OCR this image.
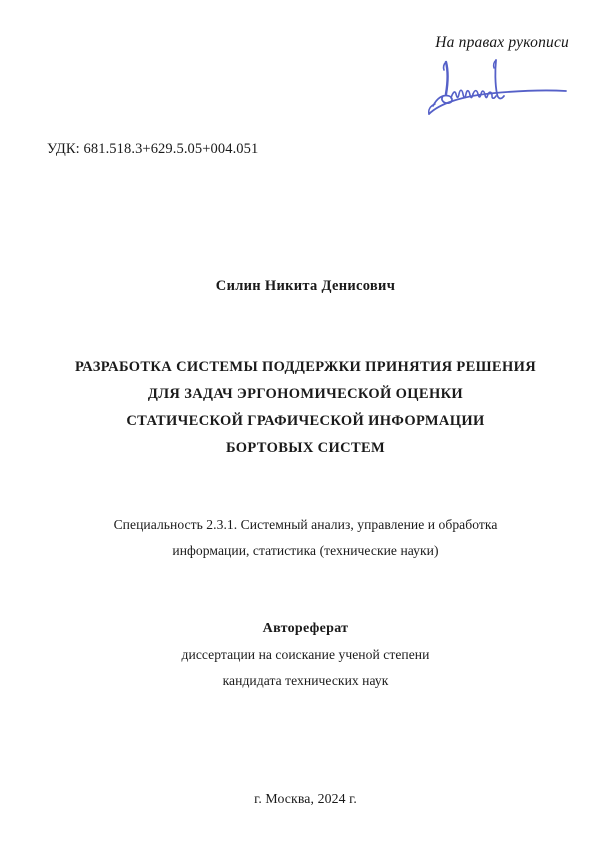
На правах рукописи
УДК: 681.518.3+629.5.05+004.051
Силин Никита Денисович
РАЗРАБОТКА СИСТЕМЫ ПОДДЕРЖКИ ПРИНЯТИЯ РЕШЕНИЯ
ДЛЯ ЗАДАЧ ЭРГОНОМИЧЕСКОЙ ОЦЕНКИ
СТАТИЧЕСКОЙ ГРАФИЧЕСКОЙ ИНФОРМАЦИИ
БОРТОВЫХ СИСТЕМ
Специальность 2.3.1. Системный анализ, управление и обработка
информации, статистика (технические науки)
Автореферат
диссертации на соискание ученой степени
кандидата технических наук
г. Москва, 2024 г.
